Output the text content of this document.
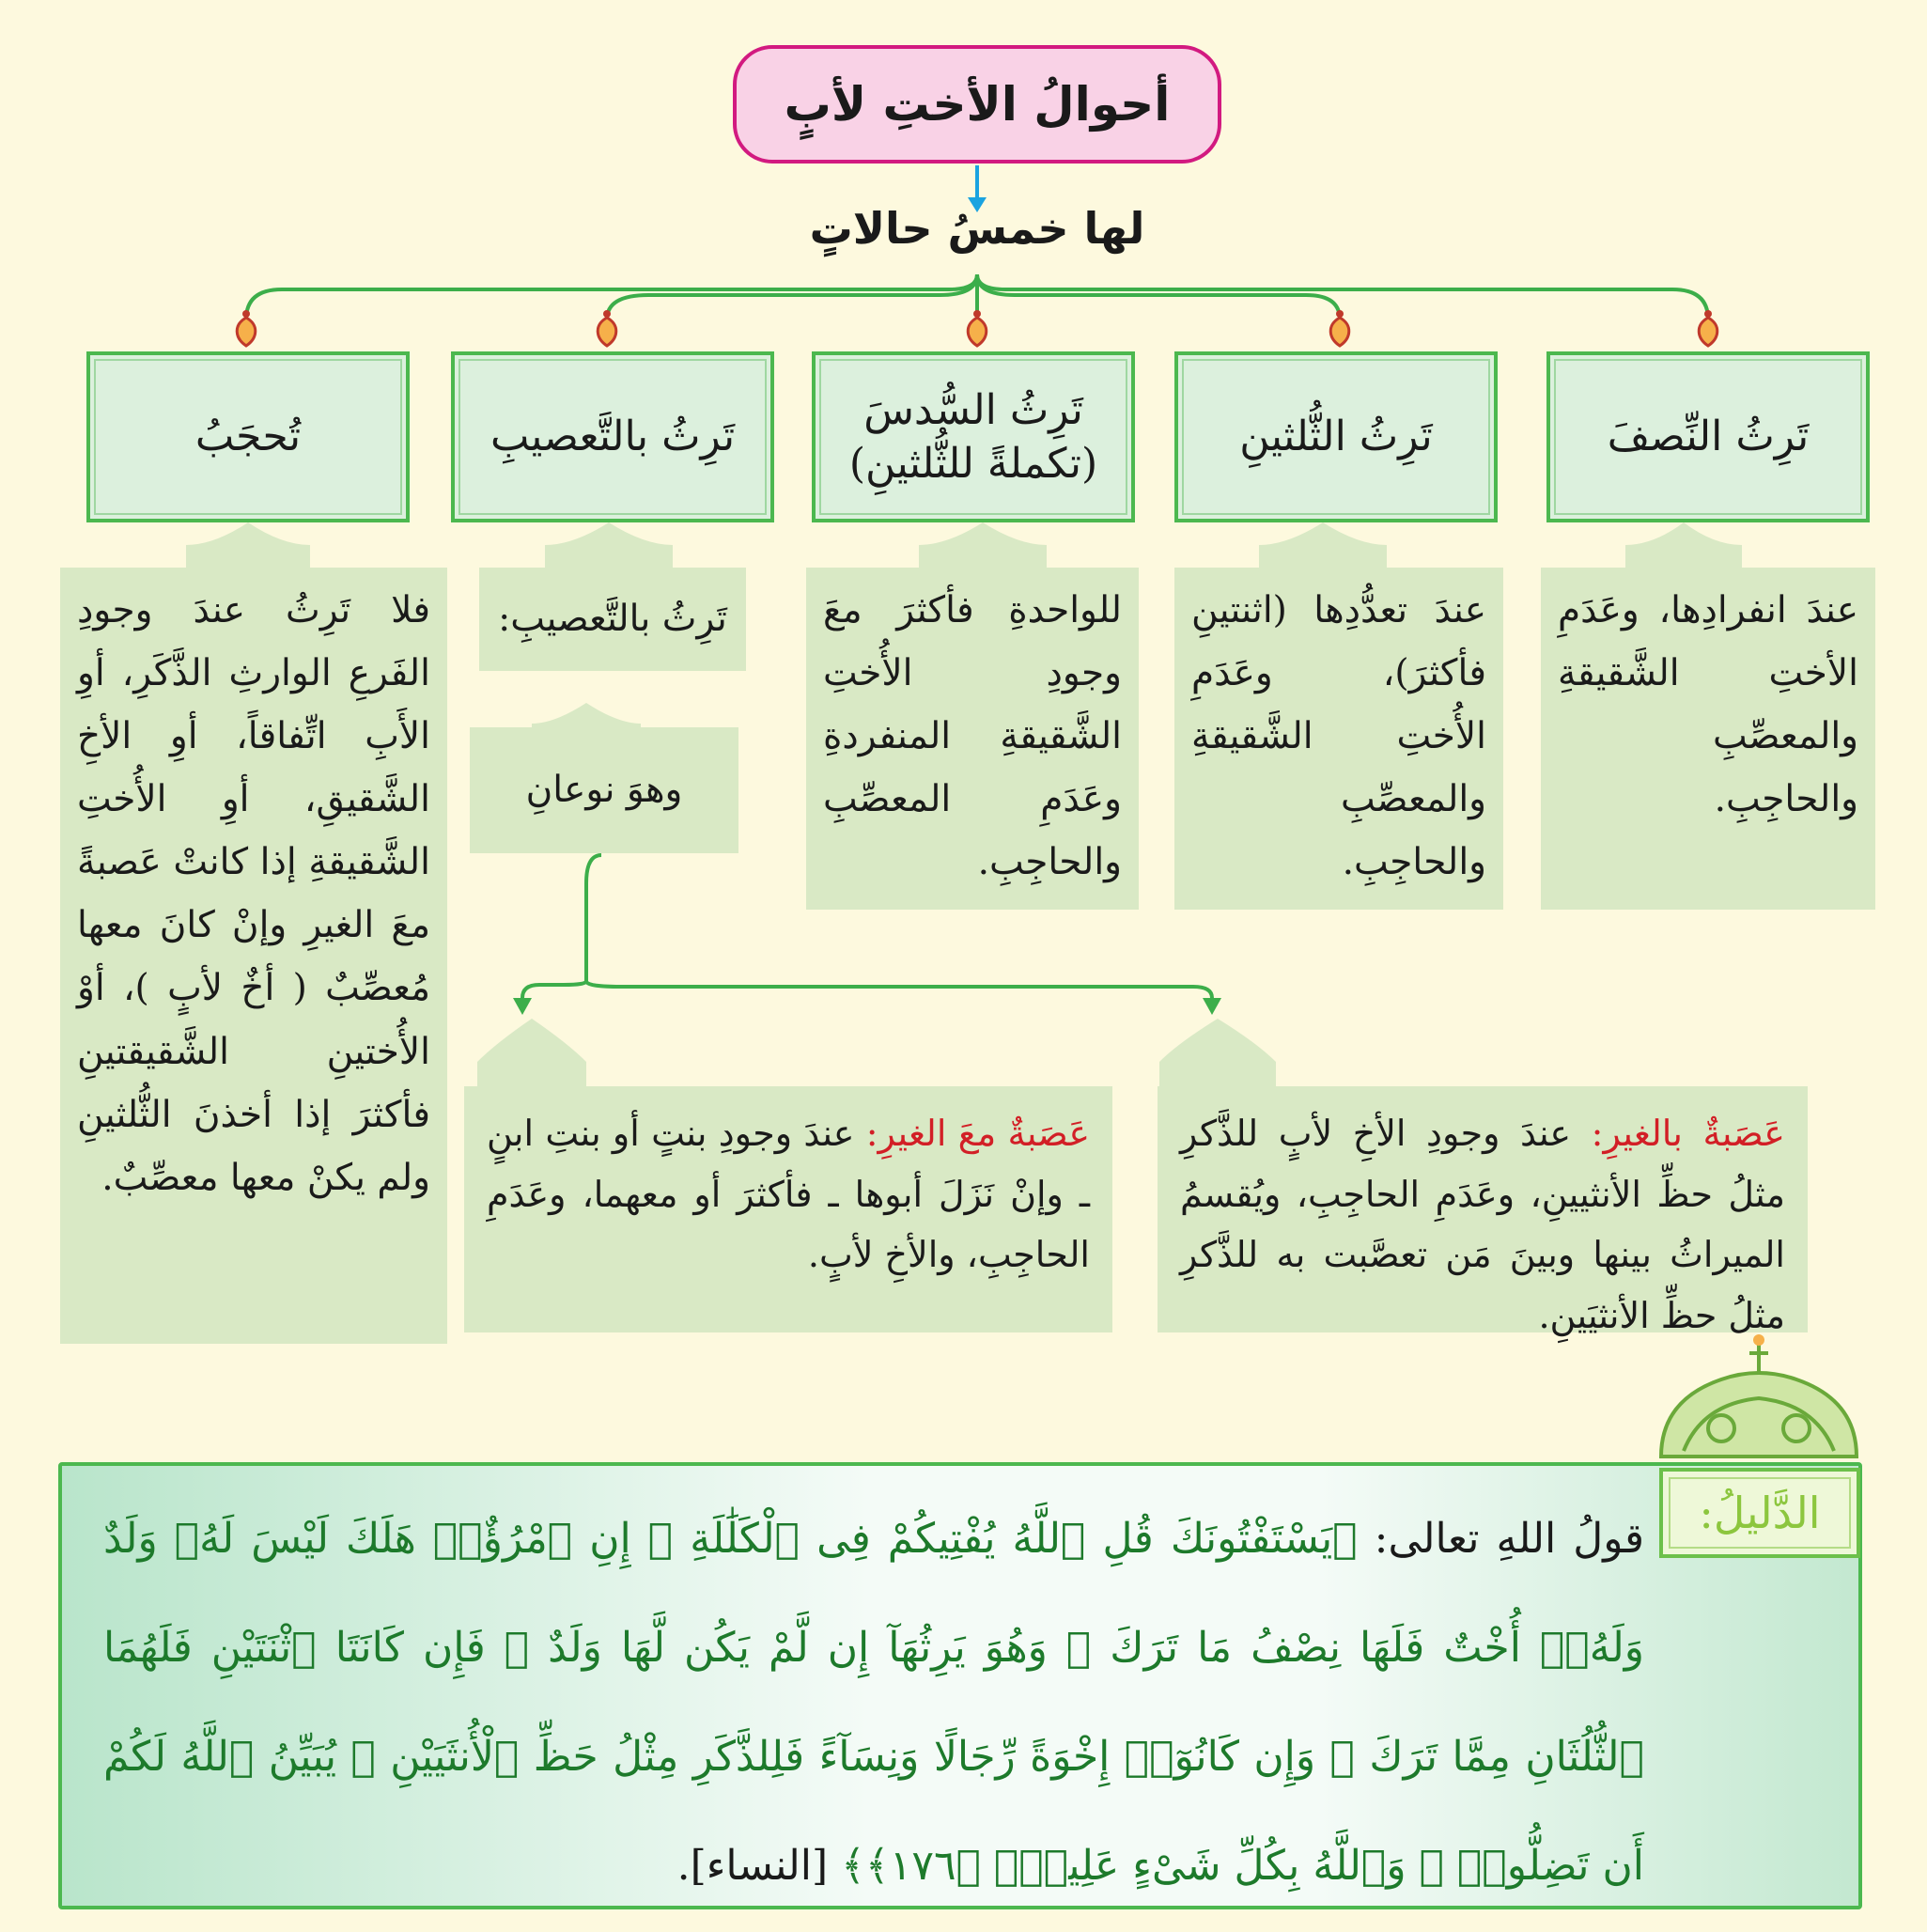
أحوالُ الأختِ لأبٍ
لها خمسُ حالاتٍ
تَرِثُ النِّصفَ
تَرِثُ الثُّلثينِ
تَرِثُ السُّدسَ
(تكملةً للثُّلثينِ)
تَرِثُ بالتَّعصيبِ
تُحجَبُ
عندَ انفرادِها، وعَدَمِ الأختِ الشَّقيقةِ والمعصِّبِ والحاجِبِ.
عندَ تعدُّدِها (اثنتينِ فأكثرَ)، وعَدَمِ الأُختِ الشَّقيقةِ والمعصِّبِ والحاجِبِ.
للواحدةِ فأكثرَ معَ وجودِ الأُختِ الشَّقيقةِ المنفردةِ وعَدَمِ المعصِّبِ والحاجِبِ.
تَرِثُ بالتَّعصيبِ:
وهوَ نوعانِ
فلا تَرِثُ عندَ وجودِ الفَرعِ الوارثِ الذَّكَرِ، أوِ الأَبِ اتِّفاقاً، أوِ الأخِ الشَّقيقِ، أوِ الأُختِ الشَّقيقةِ إذا كانتْ عَصبةً معَ الغيرِ وإنْ كانَ معها مُعصِّبٌ ( أخٌ لأبٍ )، أوْ الأُختينِ الشَّقيقتينِ فأكثرَ إذا أخذنَ الثُّلثينِ ولم يكنْ معها معصِّبٌ.
عَصَبةٌ بالغيرِ: عندَ وجودِ الأخِ لأبٍ للذَّكرِ مثلُ حظِّ الأنثيينِ، وعَدَمِ الحاجِبِ، ويُقسمُ الميراثُ بينها وبينَ مَن تعصَّبت به للذَّكرِ مثلُ حظِّ الأنثيَينِ.
عَصَبةٌ معَ الغيرِ: عندَ وجودِ بنتٍ أو بنتِ ابنٍ ـ وإنْ نَزَلَ أبوها ـ فأكثرَ أو معهما، وعَدَمِ الحاجِبِ، والأخِ لأبٍ.
الدَّليلُ:
قولُ اللهِ تعالى: ﴿يَسْتَفْتُونَكَ قُلِ ٱللَّهُ يُفْتِيكُمْ فِى ٱلْكَلَٰلَةِ ۚ إِنِ ٱمْرُؤٌا۟ هَلَكَ لَيْسَ لَهُۥ وَلَدٌ وَلَهُۥٓ أُخْتٌ فَلَهَا نِصْفُ مَا تَرَكَ ۚ وَهُوَ يَرِثُهَآ إِن لَّمْ يَكُن لَّهَا وَلَدٌ ۚ فَإِن كَانَتَا ٱثْنَتَيْنِ فَلَهُمَا ٱلثُّلُثَانِ مِمَّا تَرَكَ ۚ وَإِن كَانُوٓا۟ إِخْوَةً رِّجَالًا وَنِسَآءً فَلِلذَّكَرِ مِثْلُ حَظِّ ٱلْأُنثَيَيْنِ ۗ يُبَيِّنُ ٱللَّهُ لَكُمْ أَن تَضِلُّوا۟ ۗ وَٱللَّهُ بِكُلِّ شَىْءٍ عَلِيمٌۢ ﴿١٧٦﴾﴾ [النساء].
